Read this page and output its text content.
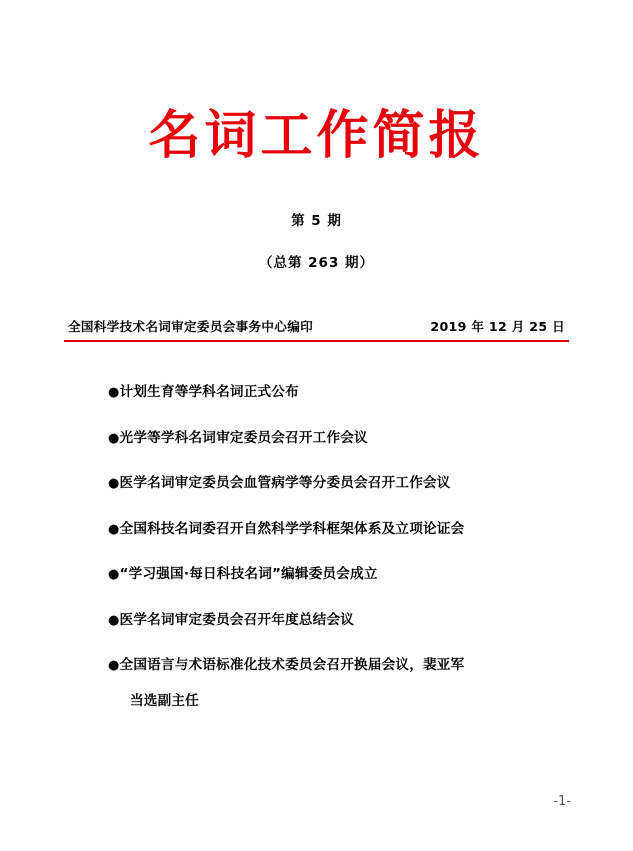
名词工作简报
第 5 期
（总第 263 期）
全国科学技术名词审定委员会事务中心编印	2019 年 12 月 25 日
●计划生育等学科名词正式公布
●光学等学科名词审定委员会召开工作会议
●医学名词审定委员会血管病学等分委员会召开工作会议
●全国科技名词委召开自然科学学科框架体系及立项论证会
●“学习强国·每日科技名词”编辑委员会成立
●医学名词审定委员会召开年度总结会议
●全国语言与术语标准化技术委员会召开换届会议，裴亚军
当选副主任
-1-
